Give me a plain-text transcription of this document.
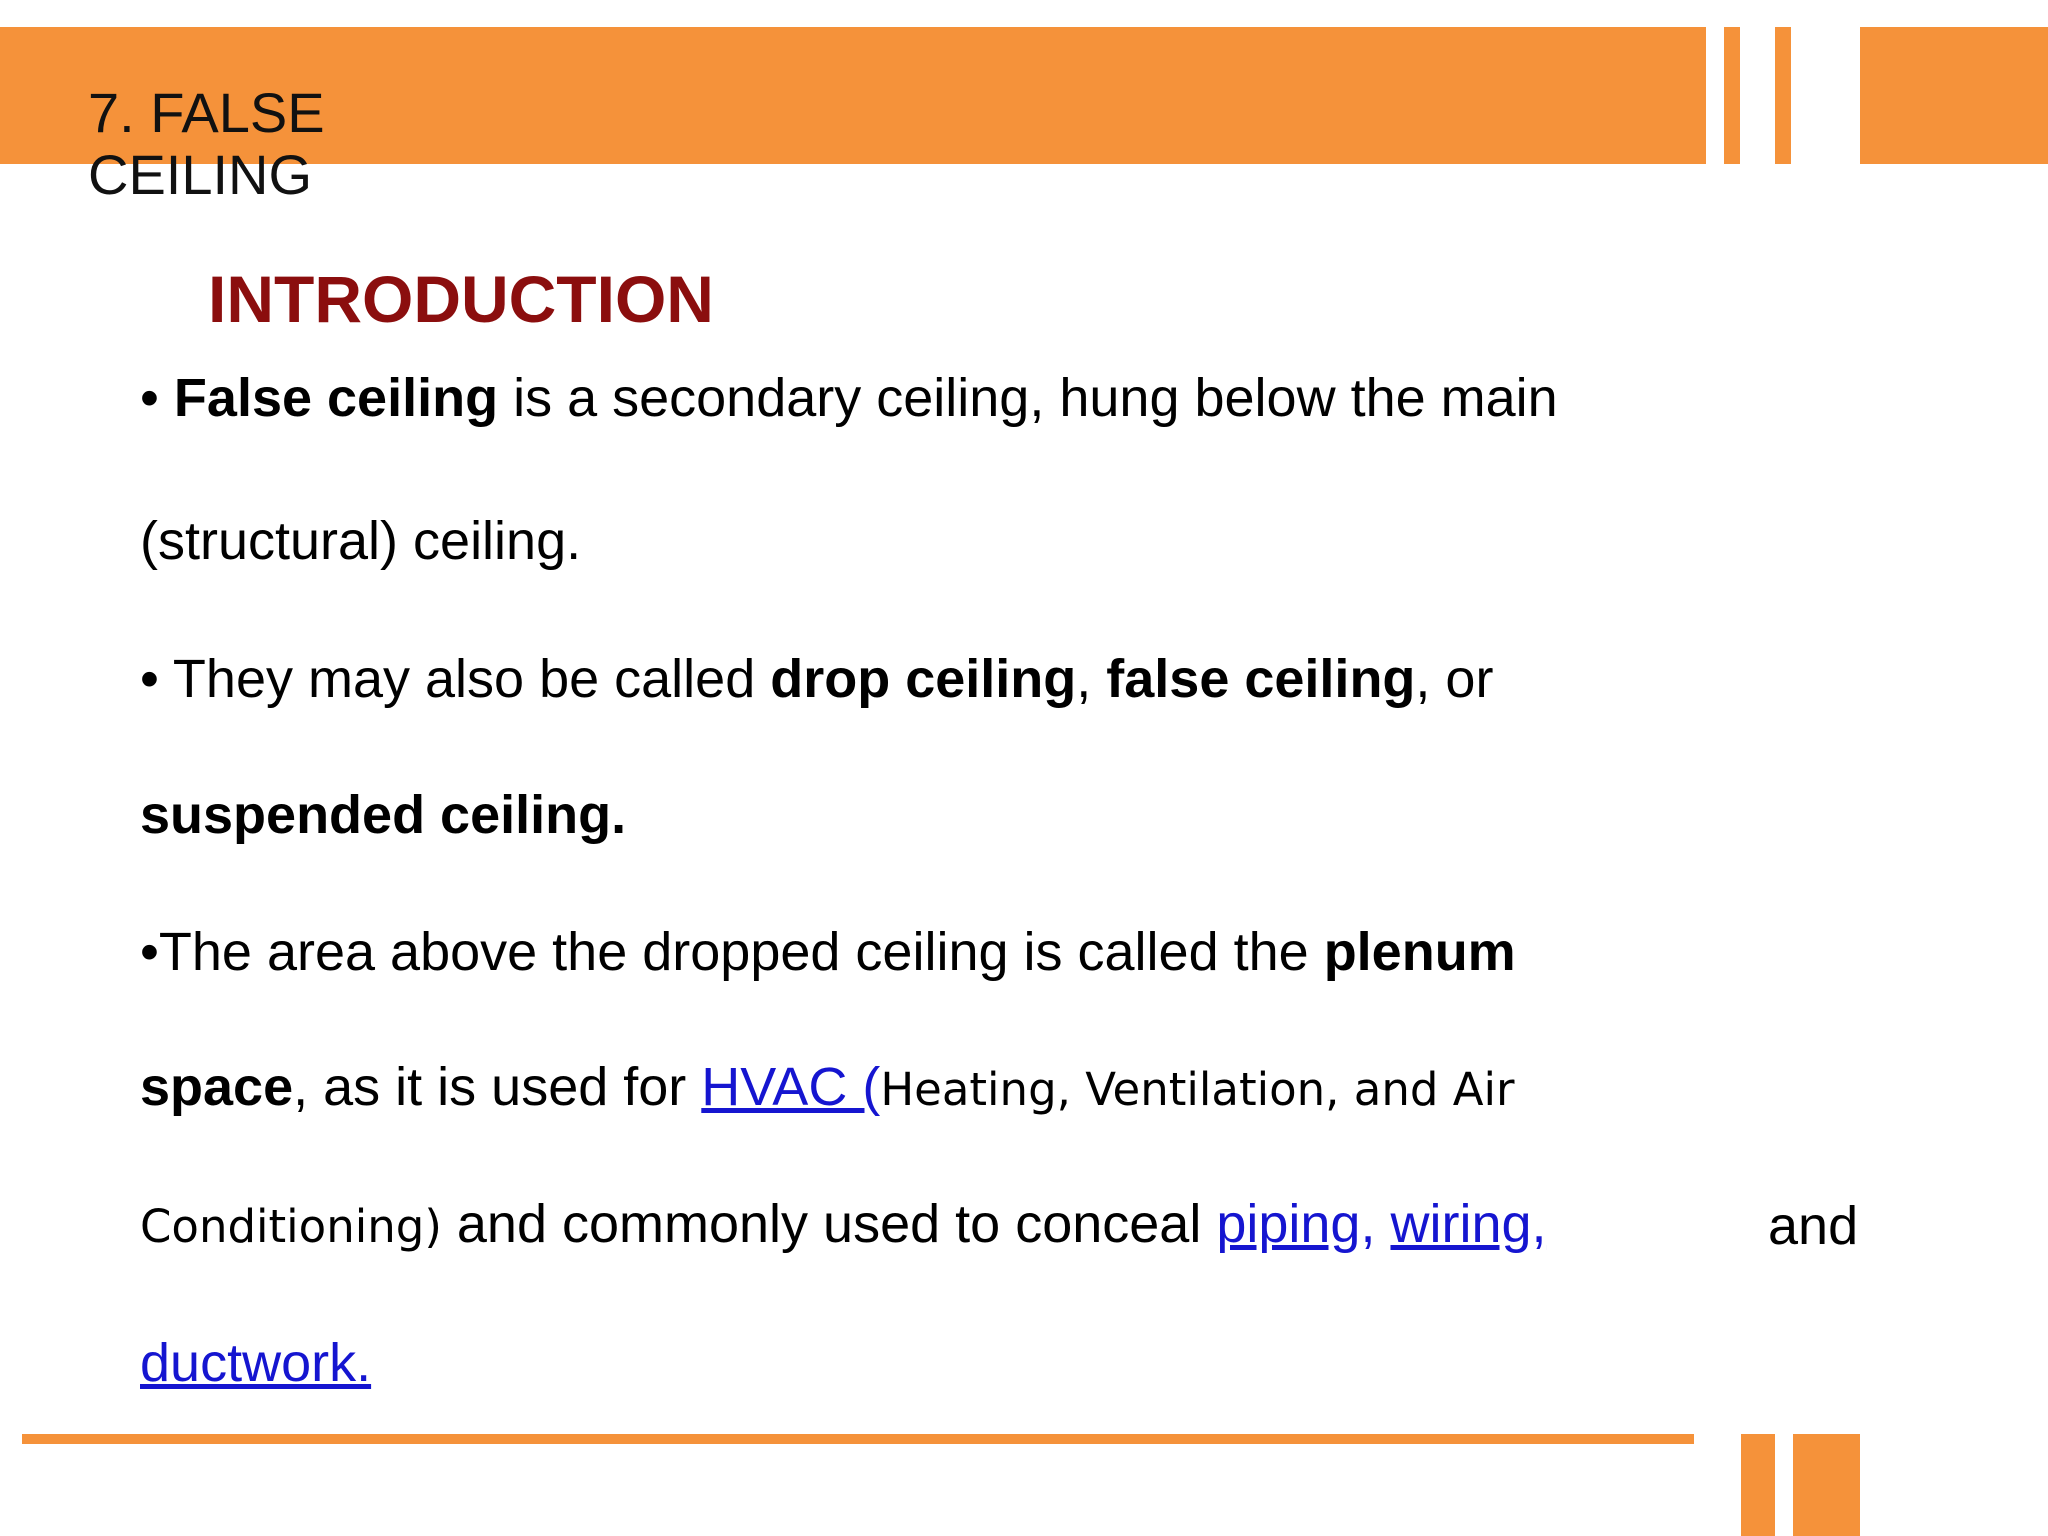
7. FALSE
CEILING
INTRODUCTION
• False ceiling is a secondary ceiling, hung below the main
(structural) ceiling.
• They may also be called drop ceiling, false ceiling, or
suspended ceiling.
•The area above the dropped ceiling is called the plenum
space, as it is used for HVAC (Heating, Ventilation, and Air
Conditioning) and commonly used to conceal piping, wiring,	and
ductwork.
